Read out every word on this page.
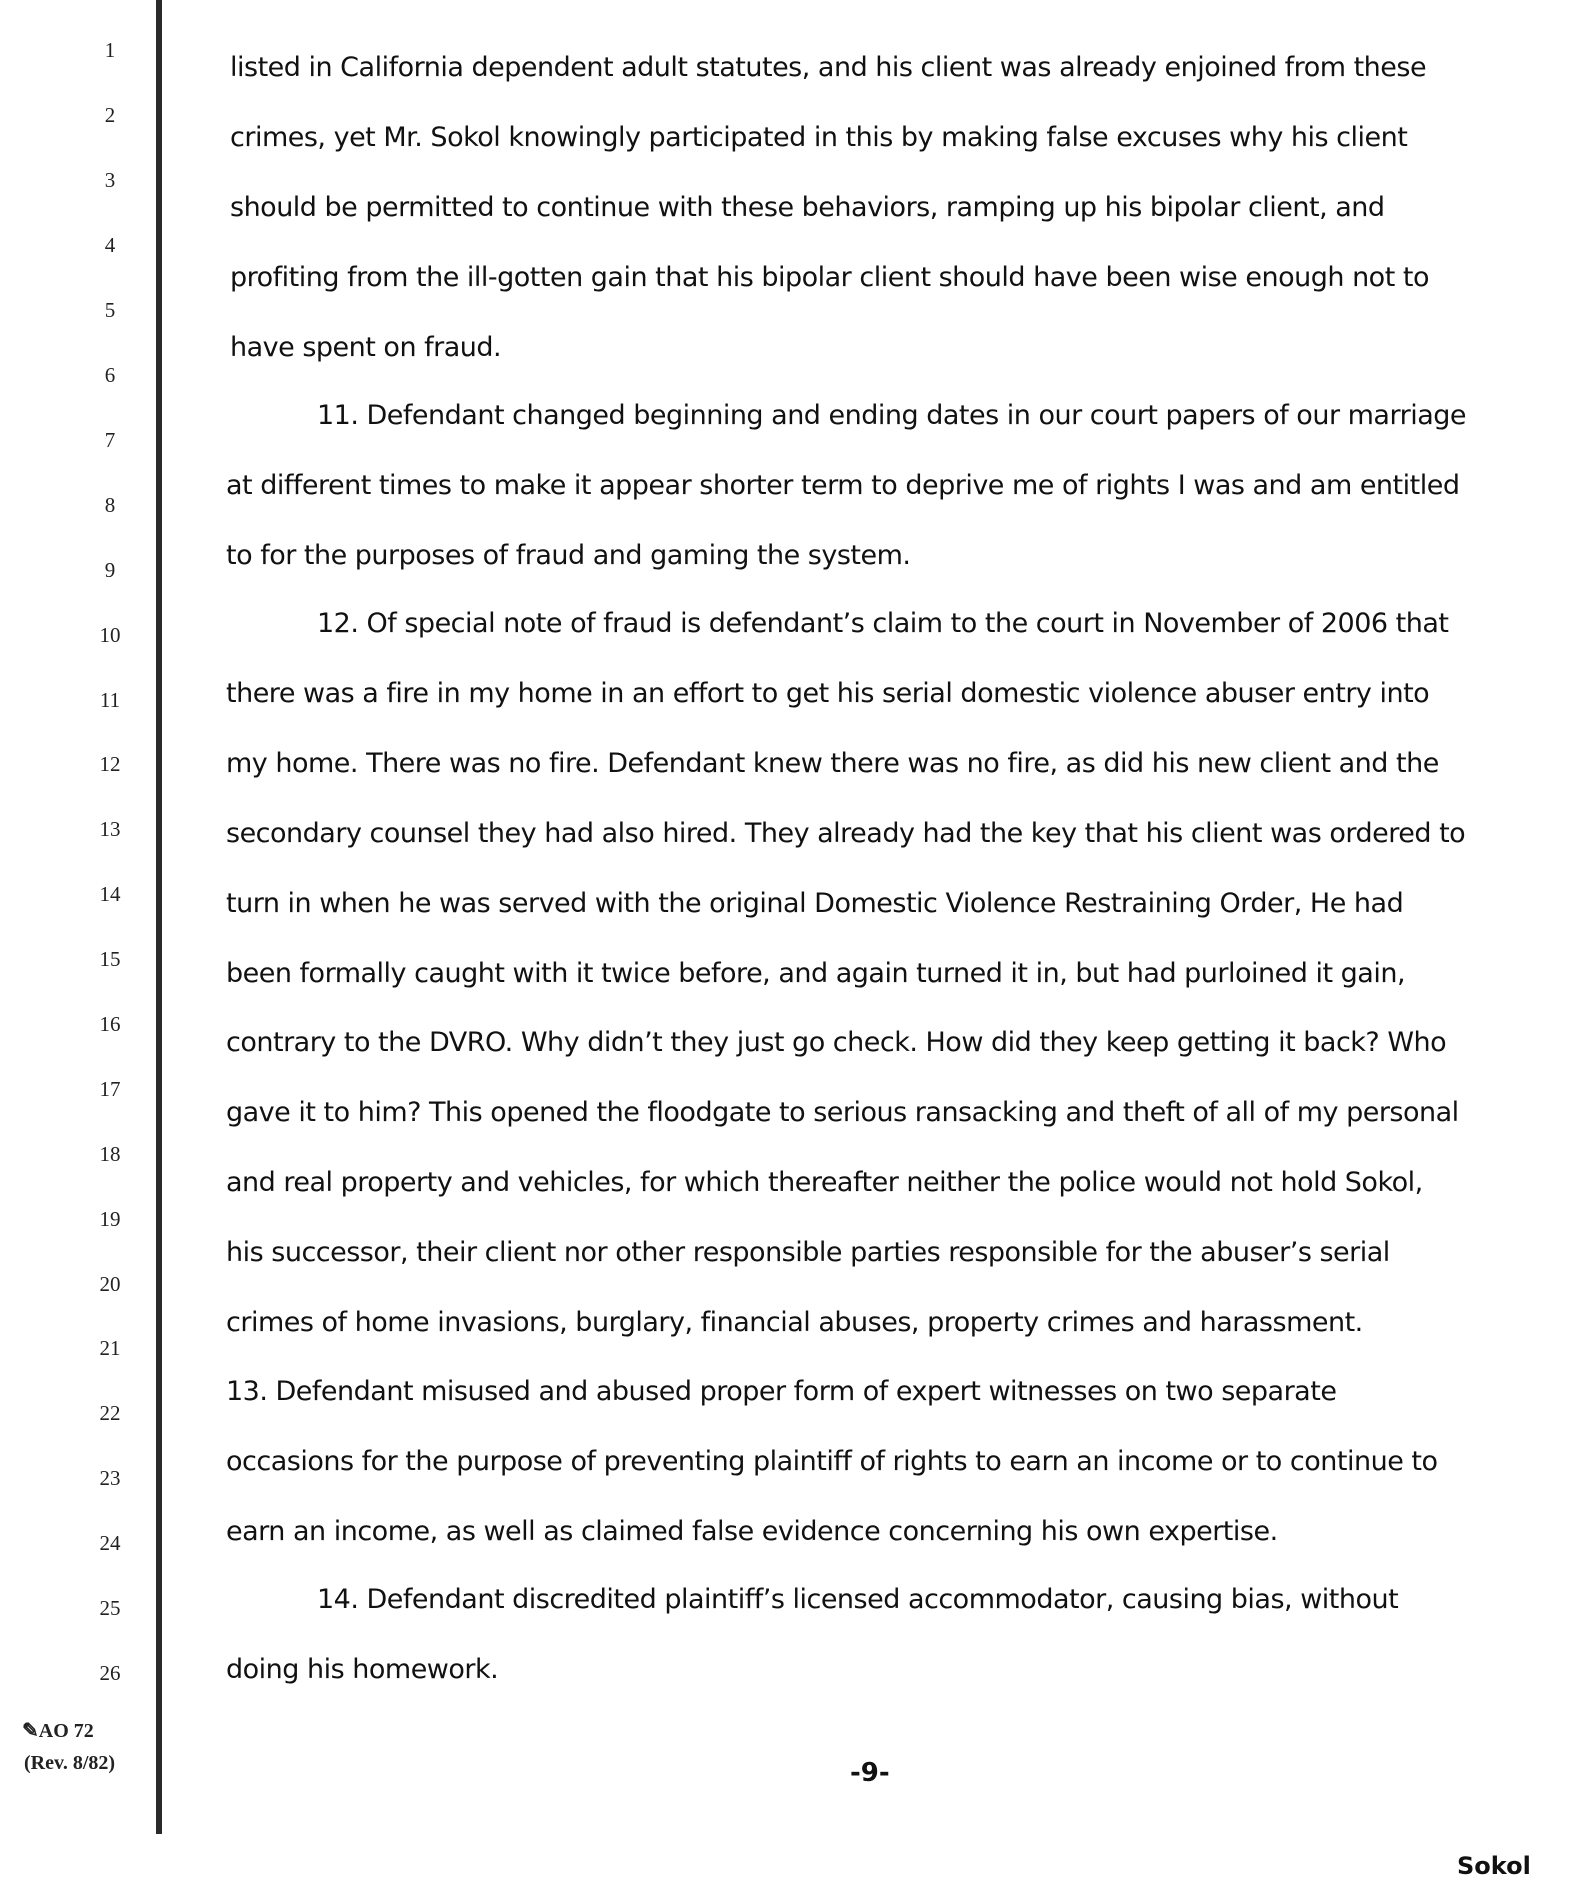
1
2
3
4
5
6
7
8
9
10
11
12
13
14
15
16
17
18
19
20
21
22
23
24
25
26
listed in California dependent adult statutes, and his client was already enjoined from these
crimes, yet Mr. Sokol knowingly participated in this by making false excuses why his client
should be permitted to continue with these behaviors, ramping up his bipolar client, and
profiting from the ill-gotten gain that his bipolar client should have been wise enough not to
have spent on fraud.
11. Defendant changed beginning and ending dates in our court papers of our marriage
at different times to make it appear shorter term to deprive me of rights I was and am entitled
to for the purposes of fraud and gaming the system.
12. Of special note of fraud is defendant’s claim to the court in November of 2006 that
there was a fire in my home in an effort to get his serial domestic violence abuser entry into
my home. There was no fire. Defendant knew there was no fire, as did his new client and the
secondary counsel they had also hired. They already had the key that his client was ordered to
turn in when he was served with the original Domestic Violence Restraining Order, He had
been formally caught with it twice before, and again turned it in, but had purloined it gain,
contrary to the DVRO. Why didn’t they just go check. How did they keep getting it back? Who
gave it to him? This opened the floodgate to serious ransacking and theft of all of my personal
and real property and vehicles, for which thereafter neither the police would not hold Sokol,
his successor, their client nor other responsible parties responsible for the abuser’s serial
crimes of home invasions, burglary, financial abuses, property crimes and harassment.
13. Defendant misused and abused proper form of expert witnesses on two separate
occasions for the purpose of preventing plaintiff of rights to earn an income or to continue to
earn an income, as well as claimed false evidence concerning his own expertise.
14. Defendant discredited plaintiff’s licensed accommodator, causing bias, without
doing his homework.
✎AO 72
(Rev. 8/82)	-9-
Sokol
